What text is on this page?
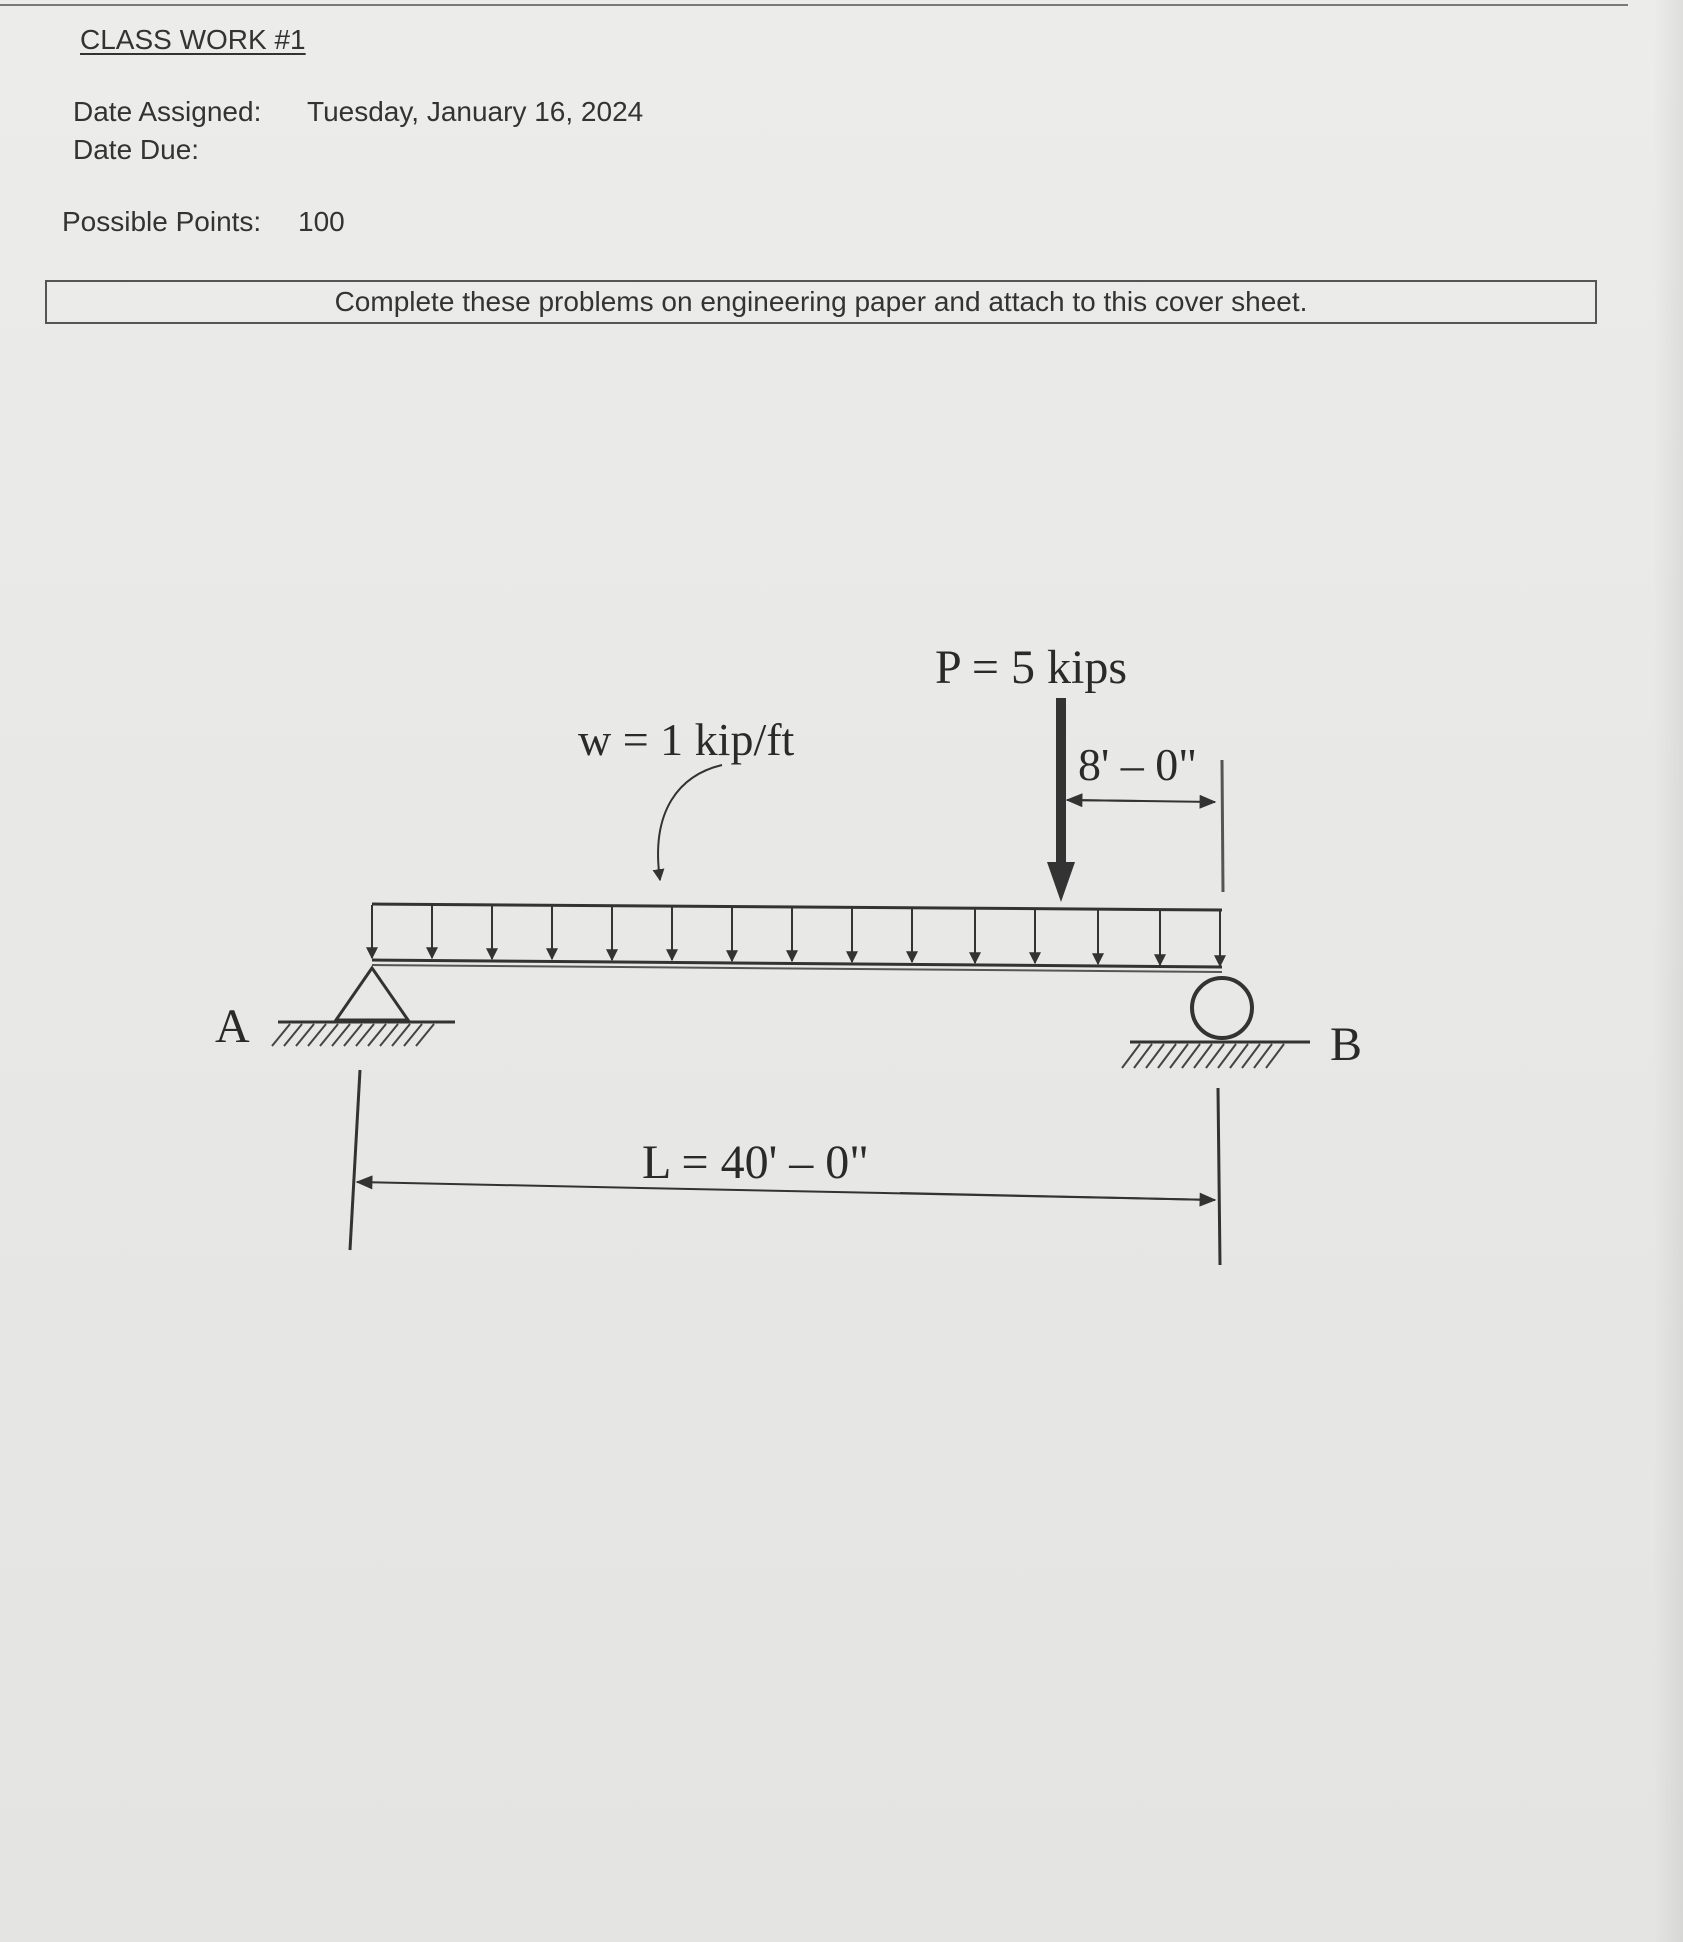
CLASS WORK #1
Date Assigned: Tuesday, January 16, 2024
Date Due:
Possible Points: 100
Complete these problems on engineering paper and attach to this cover sheet.
w = 1 kip/ft
P = 5 kips
8' – 0"
A	B
L = 40' – 0"
